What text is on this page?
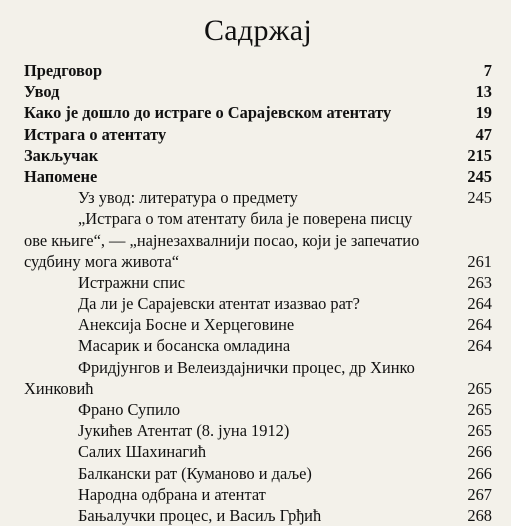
Садржај
Предговор	7
Увод	13
Како је дошло до истраге о Сарајевском атентату	19
Истрага о атентату	47
Закључак	215
Напомене	245
Уз увод: литература о предмету	245
„Истрага о том атентату била је поверена писцу
ове књиге“, — „најнезахвалнији посао, који је запечатио
судбину мога живота“	261
Истражни спис	263
Да ли је Сарајевски атентат изазвао рат?	264
Анексија Босне и Херцеговине	264
Масарик и босанска омладина	264
Фридјунгов и Велеиздајнички процес, др Хинко
Хинковић	265
Франо Супило	265
Јукићев Атентат (8. јуна 1912)	265
Салих Шахинагић	266
Балкански рат (Куманово и даље)	266
Народна одбрана и атентат	267
Бањалучки процес, и Васиљ Грђић	268
